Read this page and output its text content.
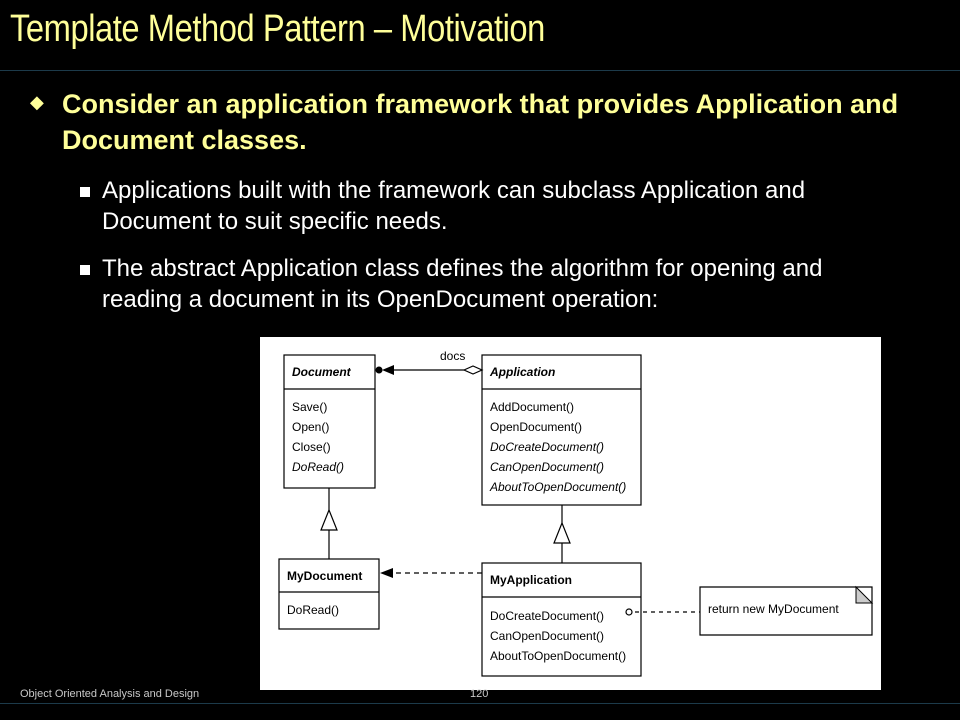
Template Method Pattern – Motivation
◆ Consider an application framework that provides Application and Document classes.
Applications built with the framework can subclass Application and Document to suit specific needs.
The abstract Application class defines the algorithm for opening and reading a document in its OpenDocument operation:
Document
Save()
Open()
Close()
DoRead()
Application
AddDocument()
OpenDocument()
DoCreateDocument()
CanOpenDocument()
AboutToOpenDocument()
docs
MyDocument
DoRead()
MyApplication
DoCreateDocument()
CanOpenDocument()
AboutToOpenDocument()
return new MyDocument
Object Oriented Analysis and Design	120
